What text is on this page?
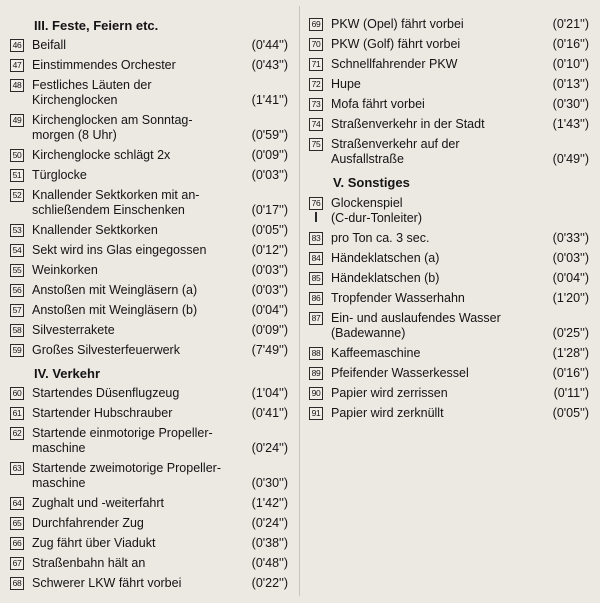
III. Feste, Feiern etc.
46 Beifall	(0'44'')
47 Einstimmendes Orchester	(0'43'')
48 Festliches Läuten der
Kirchenglocken	(1'41'')
49 Kirchenglocken am Sonntag-
morgen (8 Uhr)	(0'59'')
50 Kirchenglocke schlägt 2x	(0'09'')
51 Türglocke	(0'03'')
52 Knallender Sektkorken mit an-
schließendem Einschenken	(0'17'')
53 Knallender Sektkorken	(0'05'')
54 Sekt wird ins Glas eingegossen	(0'12'')
55 Weinkorken	(0'03'')
56 Anstoßen mit Weingläsern (a)	(0'03'')
57 Anstoßen mit Weingläsern (b)	(0'04'')
58 Silvesterrakete	(0'09'')
59 Großes Silvesterfeuerwerk	(7'49'')
IV. Verkehr
60 Startendes Düsenflugzeug	(1'04'')
61 Startender Hubschrauber	(0'41'')
62 Startende einmotorige Propeller-
maschine	(0'24'')
63 Startende zweimotorige Propeller-
maschine	(0'30'')
64 Zughalt und -weiterfahrt	(1'42'')
65 Durchfahrender Zug	(0'24'')
66 Zug fährt über Viadukt	(0'38'')
67 Straßenbahn hält an	(0'48'')
68 Schwerer LKW fährt vorbei	(0'22'')
69 PKW (Opel) fährt vorbei	(0'21'')
70 PKW (Golf) fährt vorbei	(0'16'')
71 Schnellfahrender PKW	(0'10'')
72 Hupe	(0'13'')
73 Mofa fährt vorbei	(0'30'')
74 Straßenverkehr in der Stadt	(1'43'')
75 Straßenverkehr auf der
Ausfallstraße	(0'49'')
V. Sonstiges
76 Glockenspiel
(C-dur-Tonleiter)
83 pro Ton ca. 3 sec.	(0'33'')
84 Händeklatschen (a)	(0'03'')
85 Händeklatschen (b)	(0'04'')
86 Tropfender Wasserhahn	(1'20'')
87 Ein- und auslaufendes Wasser
(Badewanne)	(0'25'')
88 Kaffeemaschine	(1'28'')
89 Pfeifender Wasserkessel	(0'16'')
90 Papier wird zerrissen	(0'11'')
91 Papier wird zerknüllt	(0'05'')
